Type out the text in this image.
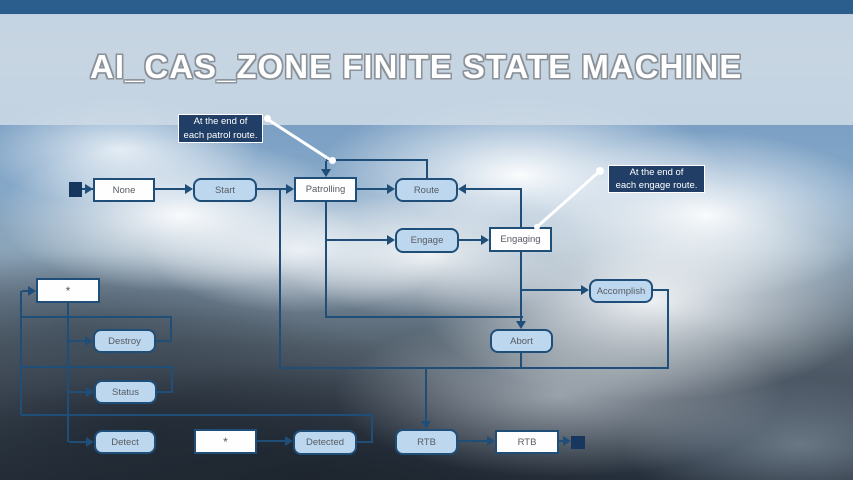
AI_CAS_ZONE FINITE STATE MACHINE
None	Start	Patrolling	Route
Engage	Engaging
Accomplish
*
Destroy	Abort
Status
Detect	*	Detected	RTB	RTB
At the end of
each patrol route.
At the end of
each engage route.
